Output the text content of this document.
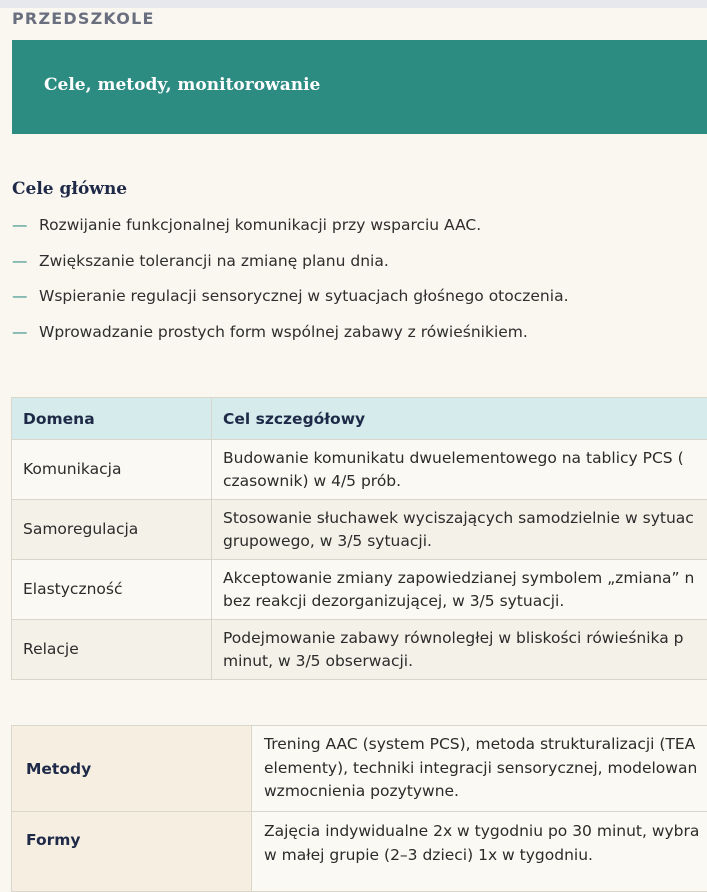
PRZEDSZKOLE
Cele, metody, monitorowanie
Cele główne
— Rozwijanie funkcjonalnej komunikacji przy wsparciu AAC.
— Zwiększanie tolerancji na zmianę planu dnia.
— Wspieranie regulacji sensorycznej w sytuacjach głośnego otoczenia.
— Wprowadzanie prostych form wspólnej zabawy z rówieśnikiem.
Domena	Cel szczegółowy
Komunikacja	Budowanie komunikatu dwuelementowego na tablicy PCS (
czasownik) w 4/5 prób.
Samoregulacja	Stosowanie słuchawek wyciszających samodzielnie w sytuac
grupowego, w 3/5 sytuacji.
Elastyczność	Akceptowanie zmiany zapowiedzianej symbolem „zmiana” n
bez reakcji dezorganizującej, w 3/5 sytuacji.
Relacje	Podejmowanie zabawy równoległej w bliskości rówieśnika p
minut, w 3/5 obserwacji.
Metody	Trening AAC (system PCS), metoda strukturalizacji (TEA
elementy), techniki integracji sensorycznej, modelowan
wzmocnienia pozytywne.
Formy	Zajęcia indywidualne 2x w tygodniu po 30 minut, wybra
w małej grupie (2–3 dzieci) 1x w tygodniu.
